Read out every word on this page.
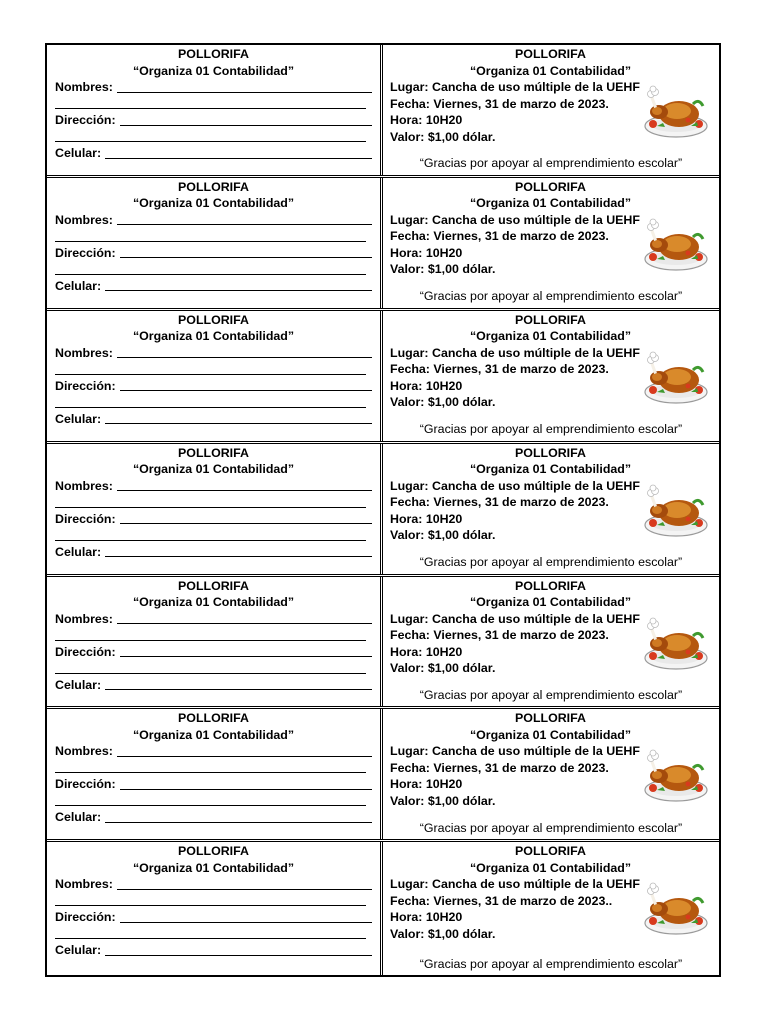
POLLORIFA
“Organiza 01 Contabilidad”
Nombres:
Dirección:
Celular:
POLLORIFA
“Organiza 01 Contabilidad”
Lugar: Cancha de uso múltiple de la UEHF
Fecha: Viernes, 31 de marzo de 2023.
Hora: 10H20
Valor: $1,00 dólar.
“Gracias por apoyar al emprendimiento escolar”
POLLORIFA
“Organiza 01 Contabilidad”
Nombres:
Dirección:
Celular:
POLLORIFA
“Organiza 01 Contabilidad”
Lugar: Cancha de uso múltiple de la UEHF
Fecha: Viernes, 31 de marzo de 2023.
Hora: 10H20
Valor: $1,00 dólar.
“Gracias por apoyar al emprendimiento escolar”
POLLORIFA
“Organiza 01 Contabilidad”
Nombres:
Dirección:
Celular:
POLLORIFA
“Organiza 01 Contabilidad”
Lugar: Cancha de uso múltiple de la UEHF
Fecha: Viernes, 31 de marzo de 2023.
Hora: 10H20
Valor: $1,00 dólar.
“Gracias por apoyar al emprendimiento escolar”
POLLORIFA
“Organiza 01 Contabilidad”
Nombres:
Dirección:
Celular:
POLLORIFA
“Organiza 01 Contabilidad”
Lugar: Cancha de uso múltiple de la UEHF
Fecha: Viernes, 31 de marzo de 2023.
Hora: 10H20
Valor: $1,00 dólar.
“Gracias por apoyar al emprendimiento escolar”
POLLORIFA
“Organiza 01 Contabilidad”
Nombres:
Dirección:
Celular:
POLLORIFA
“Organiza 01 Contabilidad”
Lugar: Cancha de uso múltiple de la UEHF
Fecha: Viernes, 31 de marzo de 2023.
Hora: 10H20
Valor: $1,00 dólar.
“Gracias por apoyar al emprendimiento escolar”
POLLORIFA
“Organiza 01 Contabilidad”
Nombres:
Dirección:
Celular:
POLLORIFA
“Organiza 01 Contabilidad”
Lugar: Cancha de uso múltiple de la UEHF
Fecha: Viernes, 31 de marzo de 2023.
Hora: 10H20
Valor: $1,00 dólar.
“Gracias por apoyar al emprendimiento escolar”
POLLORIFA
“Organiza 01 Contabilidad”
Nombres:
Dirección:
Celular:
POLLORIFA
“Organiza 01 Contabilidad”
Lugar: Cancha de uso múltiple de la UEHF
Fecha: Viernes, 31 de marzo de 2023..
Hora: 10H20
Valor: $1,00 dólar.
“Gracias por apoyar al emprendimiento escolar”
